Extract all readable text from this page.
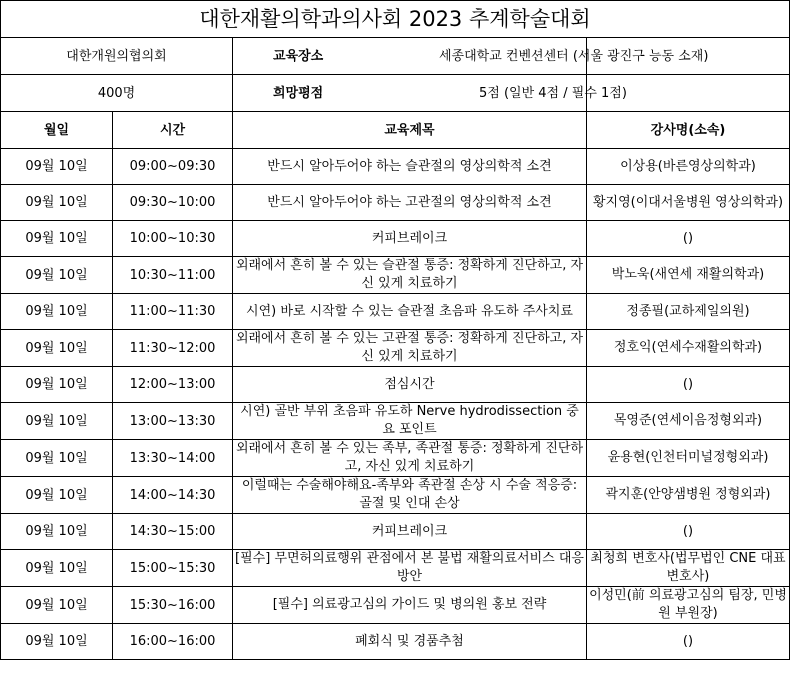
대한재활의학과의사회 2023 추계학술대회
대한개원의협의회	교육장소	세종대학교 컨벤션센터 (서울 광진구 능동 소재)
400명	희망평점	5점 (일반 4점 / 필수 1점)
월일	시간	교육제목	강사명(소속)
09월 10일	09:00~09:30	반드시 알아두어야 하는 슬관절의 영상의학적 소견	이상용(바른영상의학과)
09월 10일	09:30~10:00	반드시 알아두어야 하는 고관절의 영상의학적 소견	황지영(이대서울병원 영상의학과)
09월 10일	10:00~10:30	커피브레이크	()
09월 10일	10:30~11:00	외래에서 흔히 볼 수 있는 슬관절 통증: 정확하게 진단하고, 자신 있게 치료하기	박노욱(새연세 재활의학과)
09월 10일	11:00~11:30	시연) 바로 시작할 수 있는 슬관절 초음파 유도하 주사치료	정종필(교하제일의원)
09월 10일	11:30~12:00	외래에서 흔히 볼 수 있는 고관절 통증: 정확하게 진단하고, 자신 있게 치료하기	정호익(연세수재활의학과)
09월 10일	12:00~13:00	점심시간	()
09월 10일	13:00~13:30	시연) 골반 부위 초음파 유도하 Nerve hydrodissection 중요 포인트	목영준(연세이음정형외과)
09월 10일	13:30~14:00	외래에서 흔히 볼 수 있는 족부, 족관절 통증: 정확하게 진단하고, 자신 있게 치료하기	윤용현(인천터미널정형외과)
09월 10일	14:00~14:30	이럴때는 수술해야해요-족부와 족관절 손상 시 수술 적응증: 골절 및 인대 손상	곽지훈(안양샘병원 정형외과)
09월 10일	14:30~15:00	커피브레이크	()
09월 10일	15:00~15:30	[필수] 무면허의료행위 관점에서 본 불법 재활의료서비스 대응방안	최청희 변호사(법무법인 CNE 대표변호사)
09월 10일	15:30~16:00	[필수] 의료광고심의 가이드 및 병의원 홍보 전략	이성민(前 의료광고심의 팀장, 민병원 부원장)
09월 10일	16:00~16:00	폐회식 및 경품추첨	()
